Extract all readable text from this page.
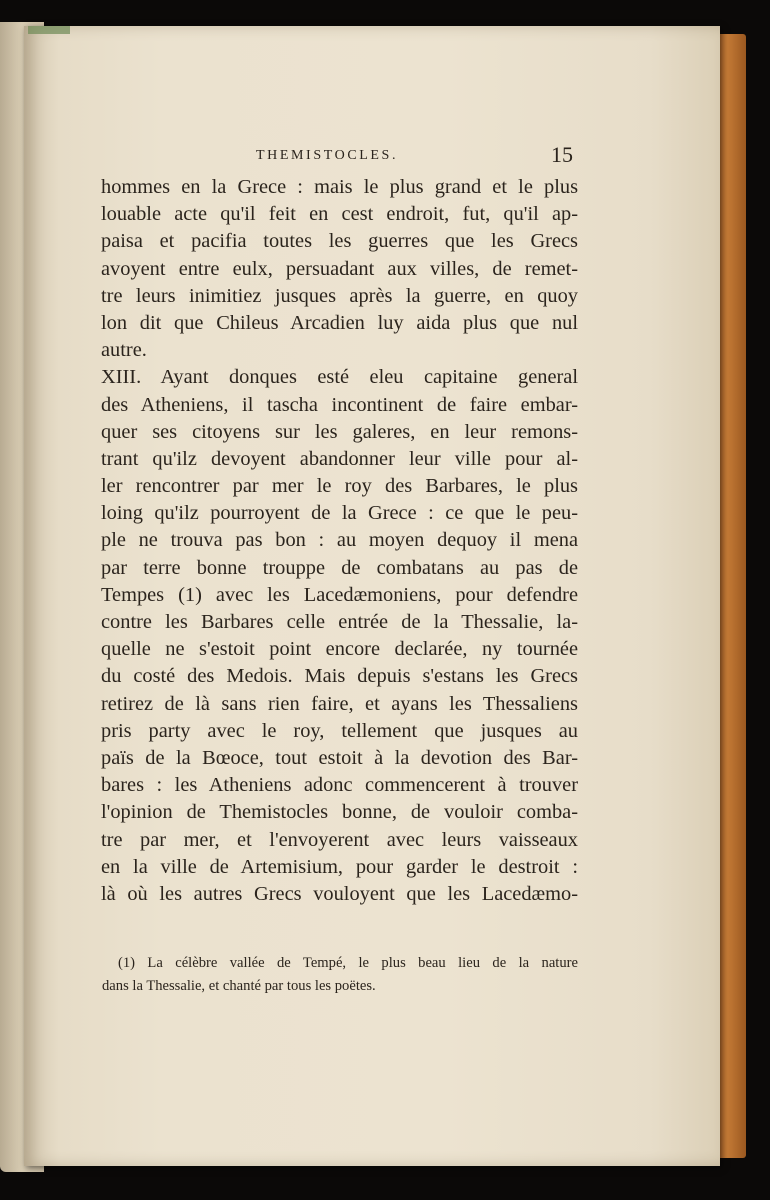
THEMISTOCLES.	15
hommes en la Grece : mais le plus grand et le plus
louable acte qu'il feit en cest endroit, fut, qu'il ap-
paisa et pacifia toutes les guerres que les Grecs
avoyent entre eulx, persuadant aux villes, de remet-
tre leurs inimitiez jusques après la guerre, en quoy
lon dit que Chileus Arcadien luy aida plus que nul
autre.
XIII. Ayant donques esté eleu capitaine general
des Atheniens, il tascha incontinent de faire embar-
quer ses citoyens sur les galeres, en leur remons-
trant qu'ilz devoyent abandonner leur ville pour al-
ler rencontrer par mer le roy des Barbares, le plus
loing qu'ilz pourroyent de la Grece : ce que le peu-
ple ne trouva pas bon : au moyen dequoy il mena
par terre bonne trouppe de combatans au pas de
Tempes (1) avec les Lacedæmoniens, pour defendre
contre les Barbares celle entrée de la Thessalie, la-
quelle ne s'estoit point encore declarée, ny tournée
du costé des Medois. Mais depuis s'estans les Grecs
retirez de là sans rien faire, et ayans les Thessaliens
pris party avec le roy, tellement que jusques au
païs de la Bœoce, tout estoit à la devotion des Bar-
bares : les Atheniens adonc commencerent à trouver
l'opinion de Themistocles bonne, de vouloir comba-
tre par mer, et l'envoyerent avec leurs vaisseaux
en la ville de Artemisium, pour garder le destroit :
là où les autres Grecs vouloyent que les Lacedæmo-
(1) La célèbre vallée de Tempé, le plus beau lieu de la nature
dans la Thessalie, et chanté par tous les poëtes.
